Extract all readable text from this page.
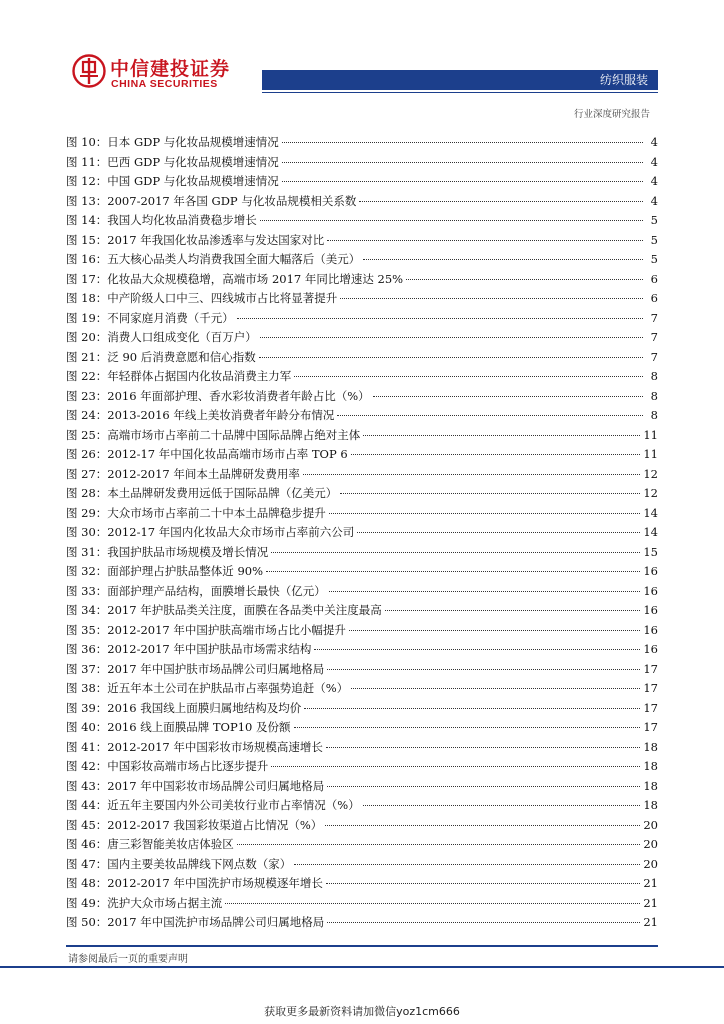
中信建投证券
CHINA SECURITIES	纺织服装
行业深度研究报告
图 10： 日本 GDP 与化妆品规模增速情况	4
图 11： 巴西 GDP 与化妆品规模增速情况	4
图 12： 中国 GDP 与化妆品规模增速情况	4
图 13： 2007-2017 年各国 GDP 与化妆品规模相关系数	4
图 14： 我国人均化妆品消费稳步增长	5
图 15： 2017 年我国化妆品渗透率与发达国家对比	5
图 16： 五大核心品类人均消费我国全面大幅落后（美元）	5
图 17： 化妆品大众规模稳增，高端市场 2017 年同比增速达 25%	6
图 18： 中产阶级人口中三、四线城市占比将显著提升	6
图 19： 不同家庭月消费（千元）	7
图 20： 消费人口组成变化（百万户）	7
图 21： 泛 90 后消费意愿和信心指数	7
图 22： 年轻群体占据国内化妆品消费主力军	8
图 23： 2016 年面部护理、香水彩妆消费者年龄占比（%）	8
图 24： 2013-2016 年线上美妆消费者年龄分布情况	8
图 25： 高端市场市占率前二十品牌中国际品牌占绝对主体	11
图 26： 2012-17 年中国化妆品高端市场市占率 TOP 6	11
图 27： 2012-2017 年间本土品牌研发费用率	12
图 28： 本土品牌研发费用远低于国际品牌（亿美元）	12
图 29： 大众市场市占率前二十中本土品牌稳步提升	14
图 30： 2012-17 年国内化妆品大众市场市占率前六公司	14
图 31： 我国护肤品市场规模及增长情况	15
图 32： 面部护理占护肤品整体近 90%	16
图 33： 面部护理产品结构，面膜增长最快（亿元）	16
图 34： 2017 年护肤品类关注度，面膜在各品类中关注度最高	16
图 35： 2012-2017 年中国护肤高端市场占比小幅提升	16
图 36： 2012-2017 年中国护肤品市场需求结构	16
图 37： 2017 年中国护肤市场品牌公司归属地格局	17
图 38： 近五年本土公司在护肤品市占率强势追赶（%）	17
图 39： 2016 我国线上面膜归属地结构及均价	17
图 40： 2016 线上面膜品牌 TOP10 及份额	17
图 41： 2012-2017 年中国彩妆市场规模高速增长	18
图 42： 中国彩妆高端市场占比逐步提升	18
图 43： 2017 年中国彩妆市场品牌公司归属地格局	18
图 44： 近五年主要国内外公司美妆行业市占率情况（%）	18
图 45： 2012-2017 我国彩妆渠道占比情况（%）	20
图 46： 唐三彩智能美妆店体验区	20
图 47： 国内主要美妆品牌线下网点数（家）	20
图 48： 2012-2017 年中国洗护市场规模逐年增长	21
图 49： 洗护大众市场占据主流	21
图 50： 2017 年中国洗护市场品牌公司归属地格局	21
请参阅最后一页的重要声明
获取更多最新资料请加微信yoz1cm666
